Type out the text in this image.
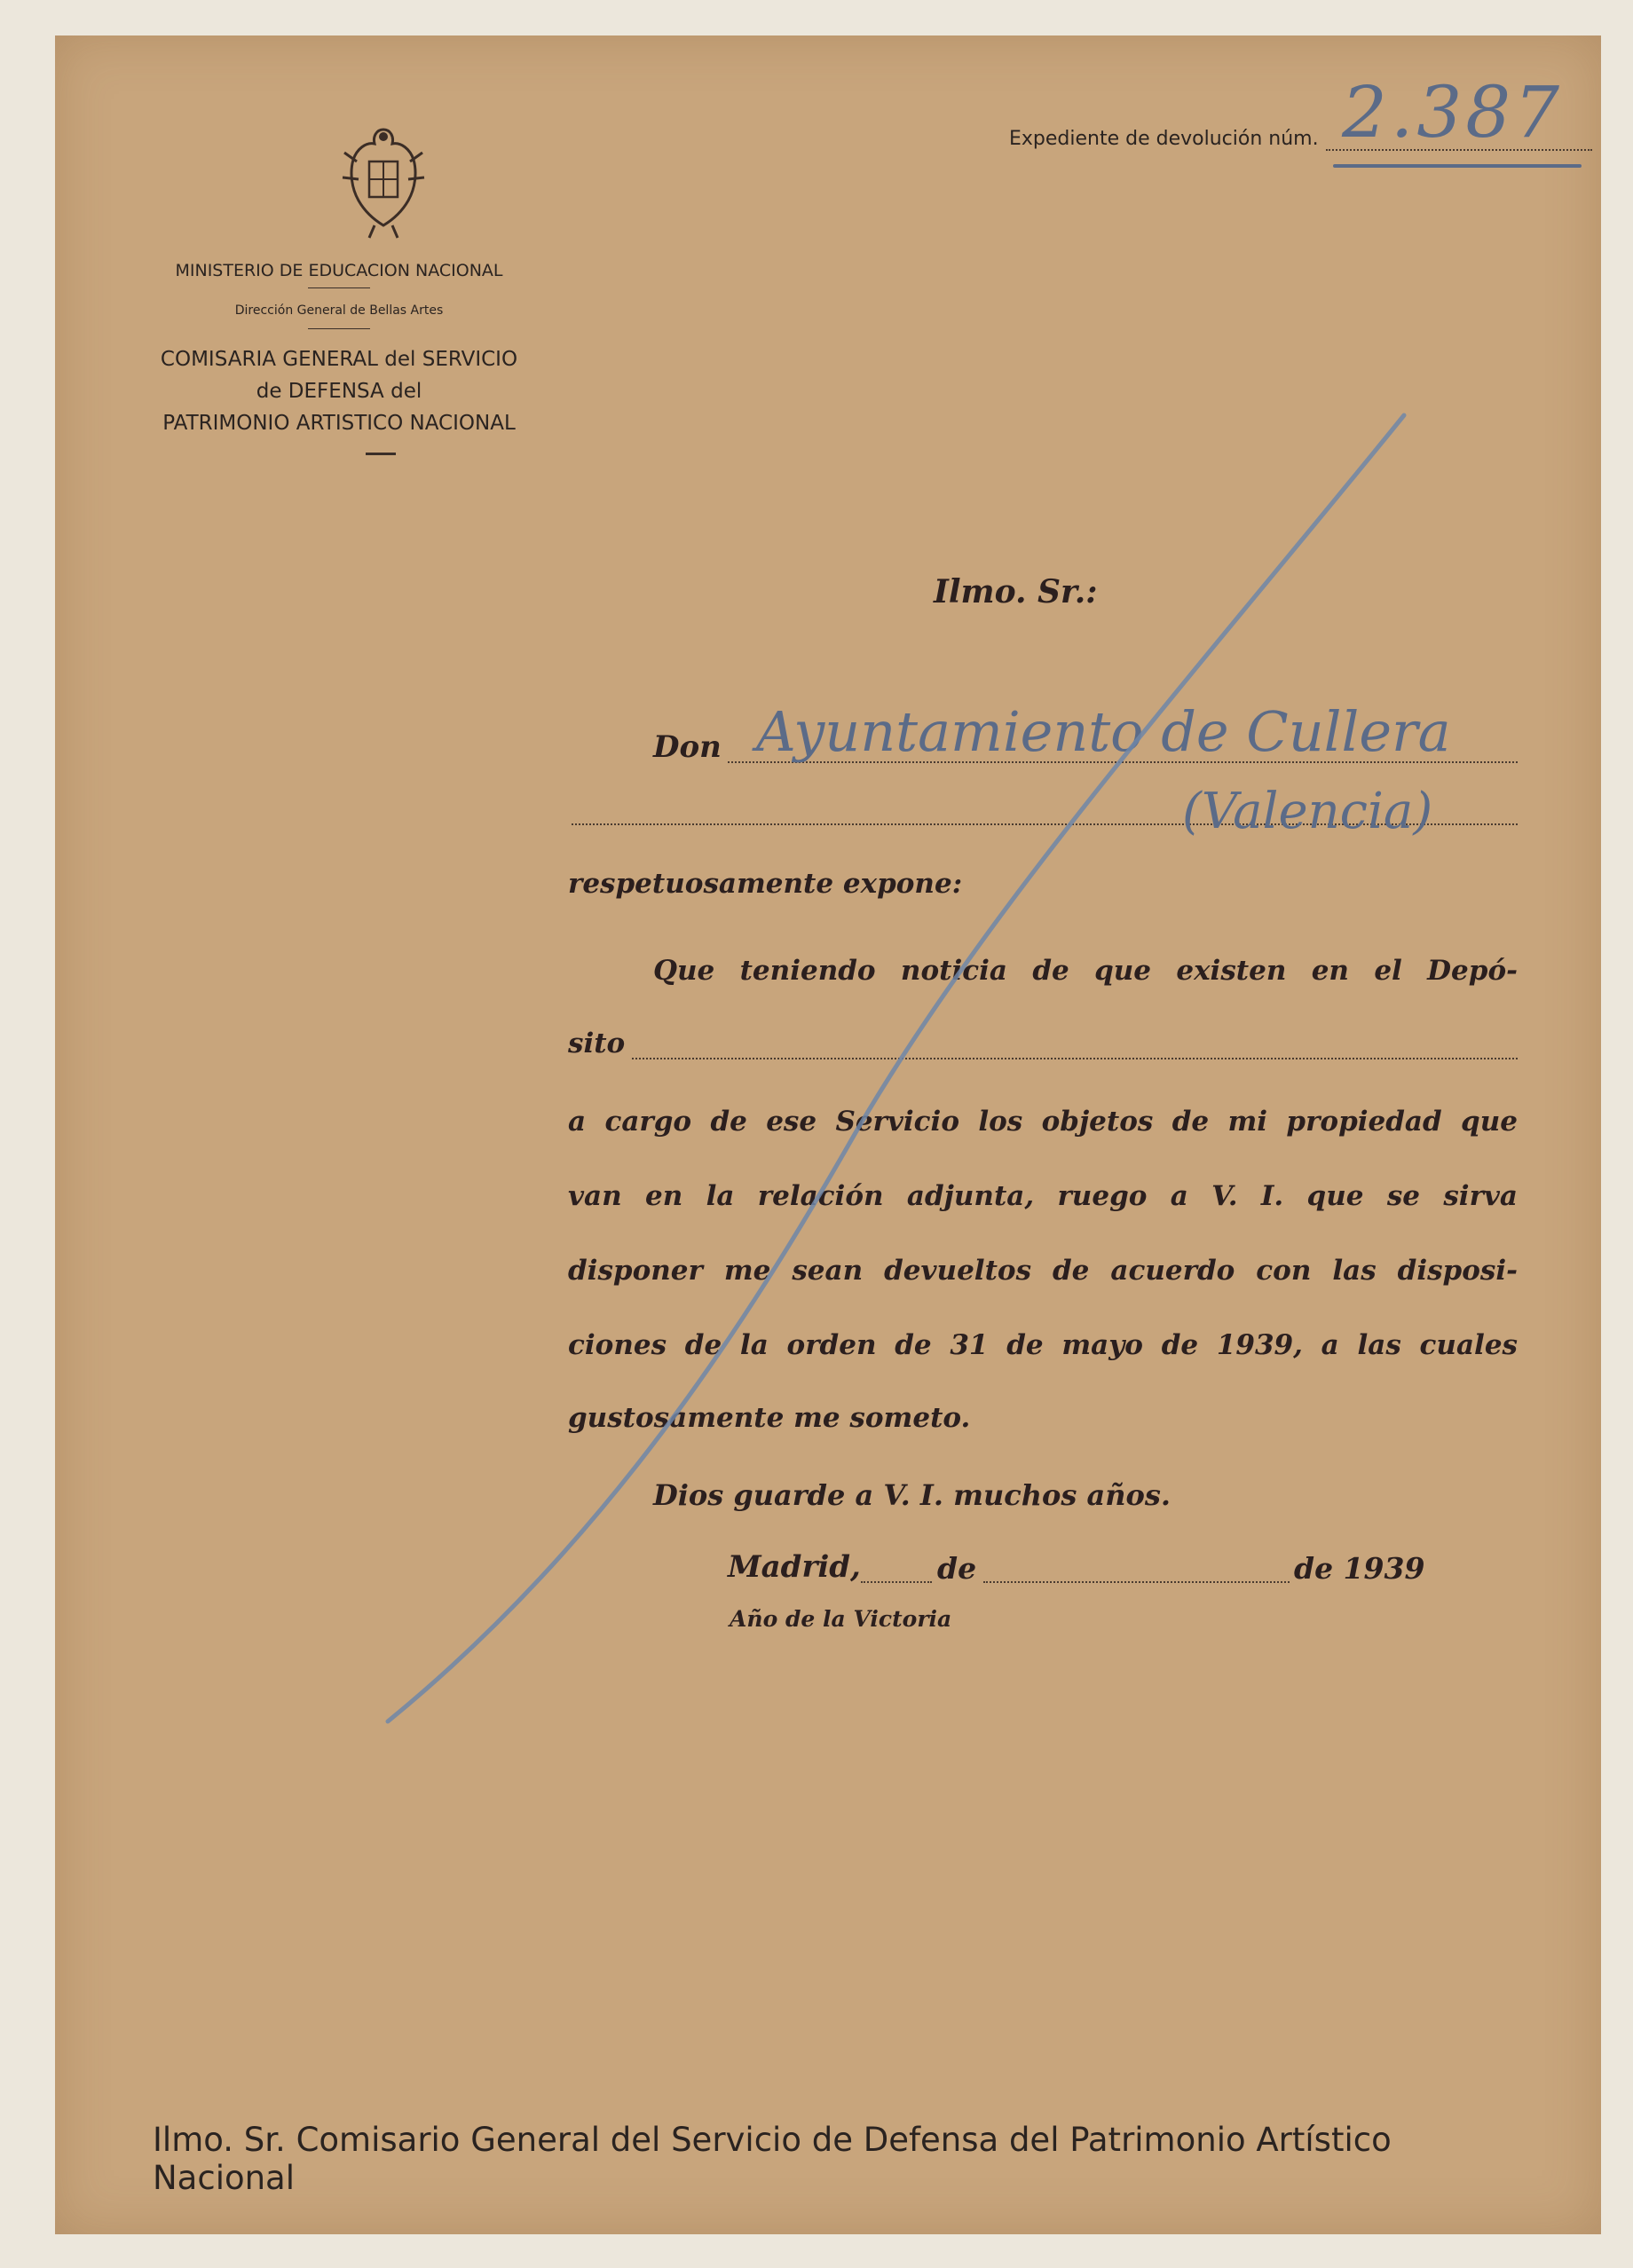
MINISTERIO DE EDUCACION NACIONAL
Dirección General de Bellas Artes
COMISARIA GENERAL del SERVICIO
de DEFENSA del
PATRIMONIO ARTISTICO NACIONAL
Expediente de devolución núm. 2.387
Ilmo. Sr.:
Don Ayuntamiento de Cullera
(Valencia)
respetuosamente expone:
Que teniendo noticia de que existen en el Depó-
sito
a cargo de ese Servicio los objetos de mi propiedad que
van en la relación adjunta, ruego a V. I. que se sirva
disponer me sean devueltos de acuerdo con las disposi-
ciones de la orden de 31 de mayo de 1939, a las cuales
gustosamente me someto.
Dios guarde a V. I. muchos años.
Madrid,	de	de 1939
Año de la Victoria
Ilmo. Sr. Comisario General del Servicio de Defensa del Patrimonio Artístico Nacional
